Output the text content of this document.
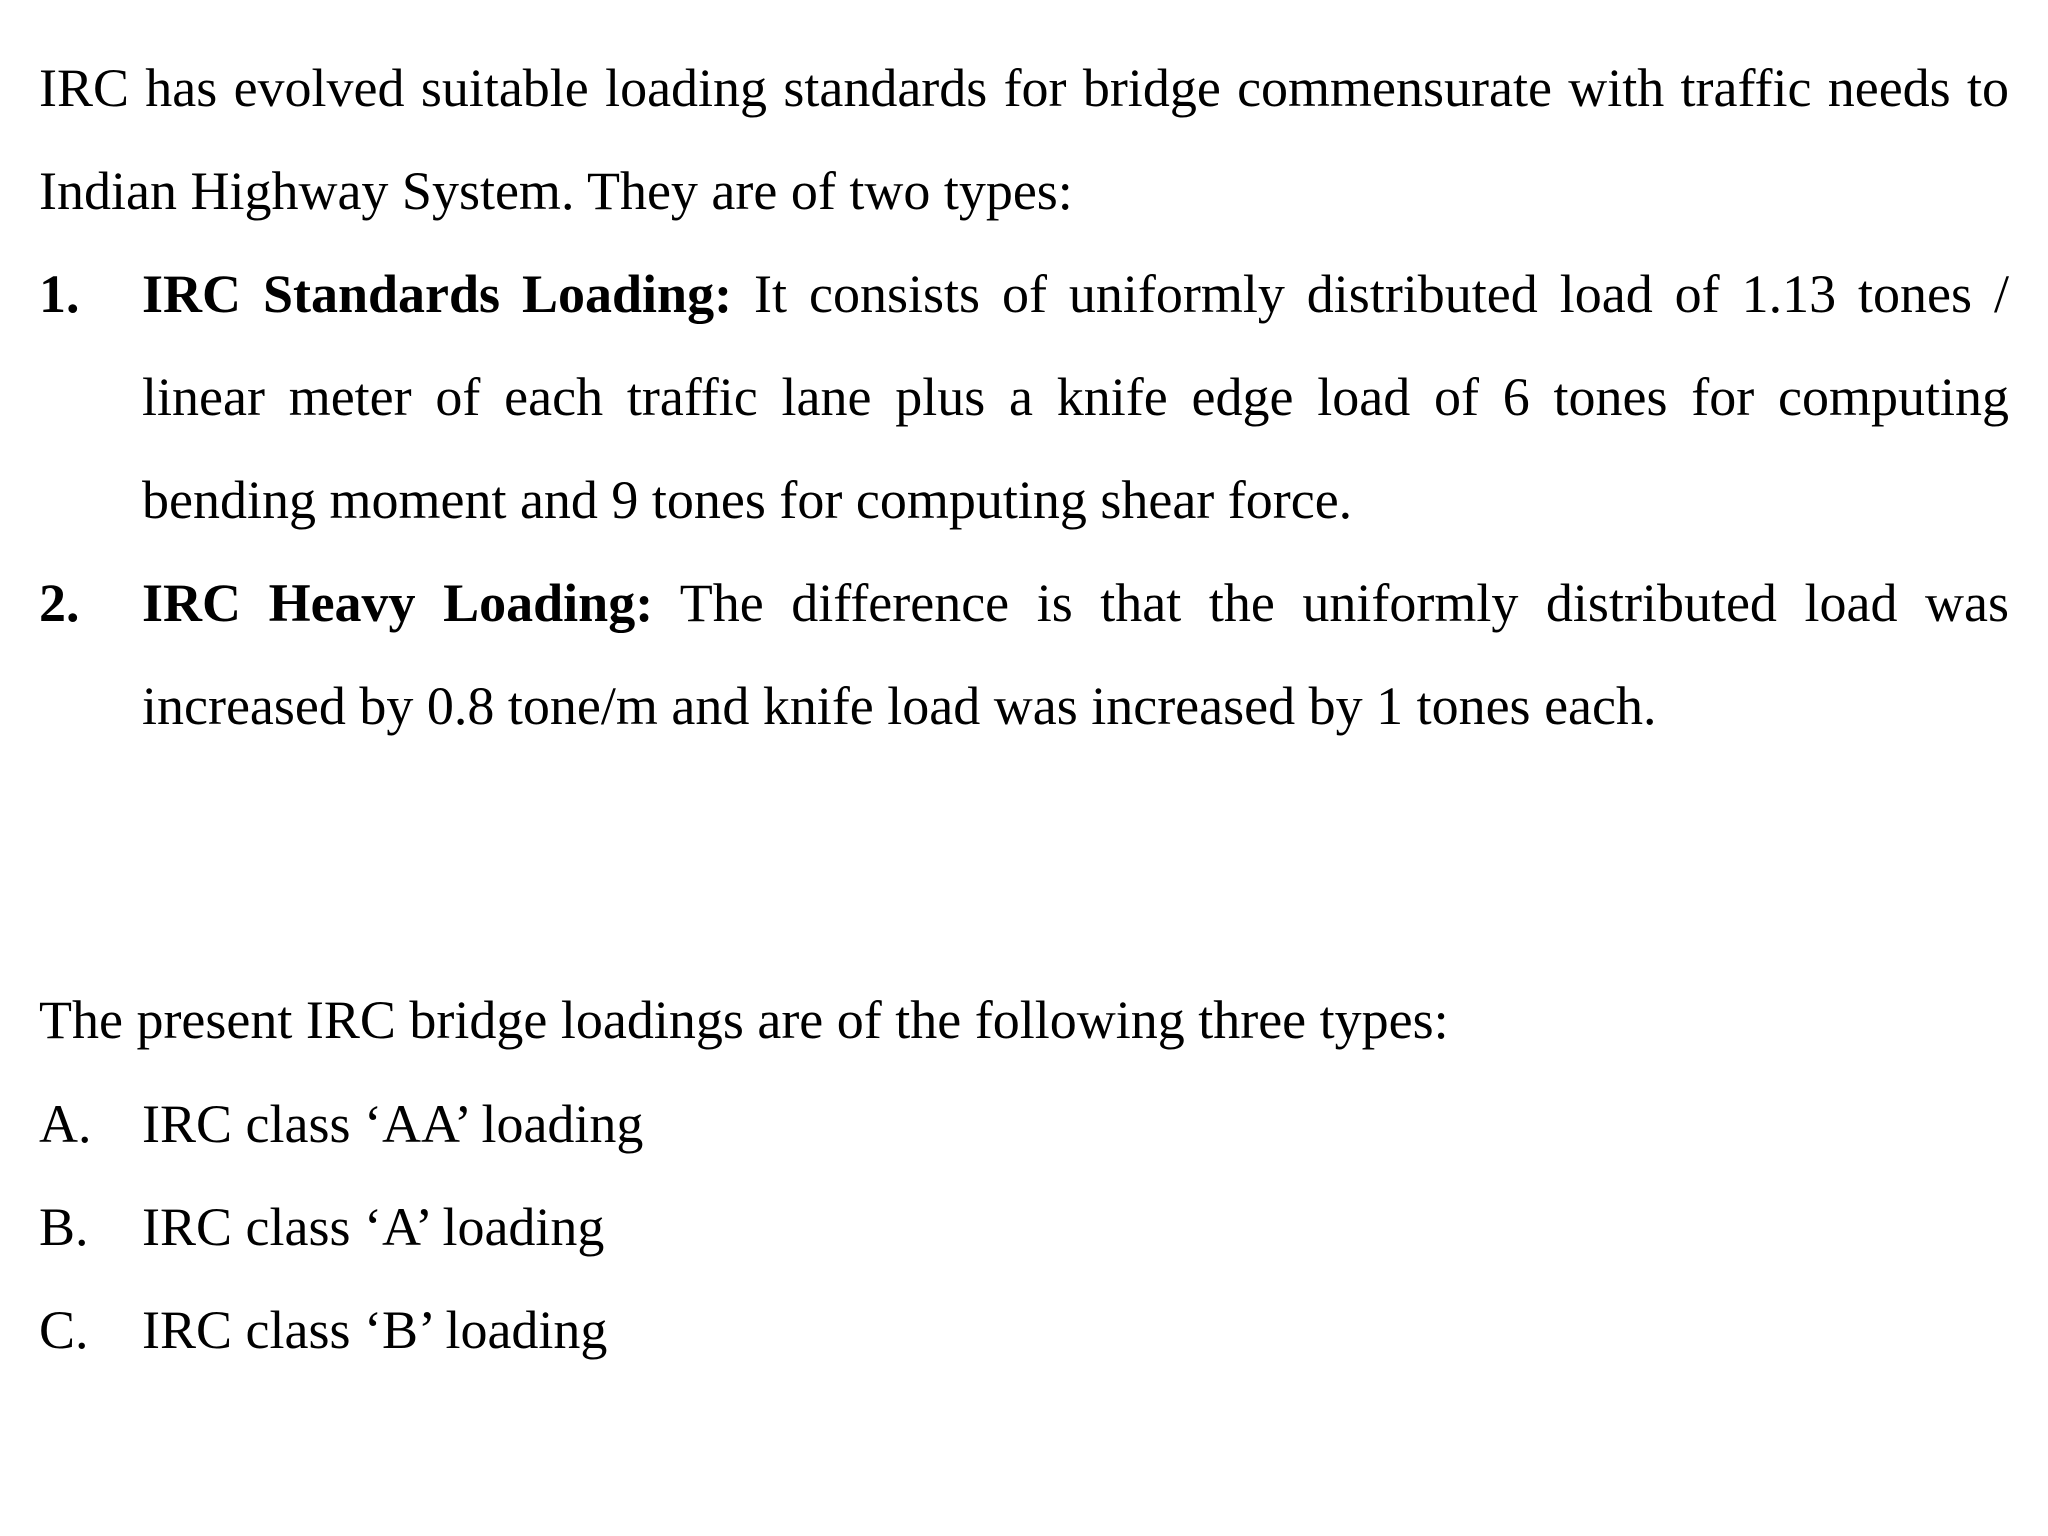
IRC has evolved suitable loading standards for bridge commensurate with traffic needs to Indian Highway System. They are of two types:

1. IRC Standards Loading: It consists of uniformly distributed load of 1.13 tones / linear meter of each traffic lane plus a knife edge load of 6 tones for computing bending moment and 9 tones for computing shear force.
2. IRC Heavy Loading: The difference is that the uniformly distributed load was increased by 0.8 tone/m and knife load was increased by 1 tones each.

The present IRC bridge loadings are of the following three types:

A. IRC class ‘AA’ loading
B. IRC class ‘A’ loading
C. IRC class ‘B’ loading
